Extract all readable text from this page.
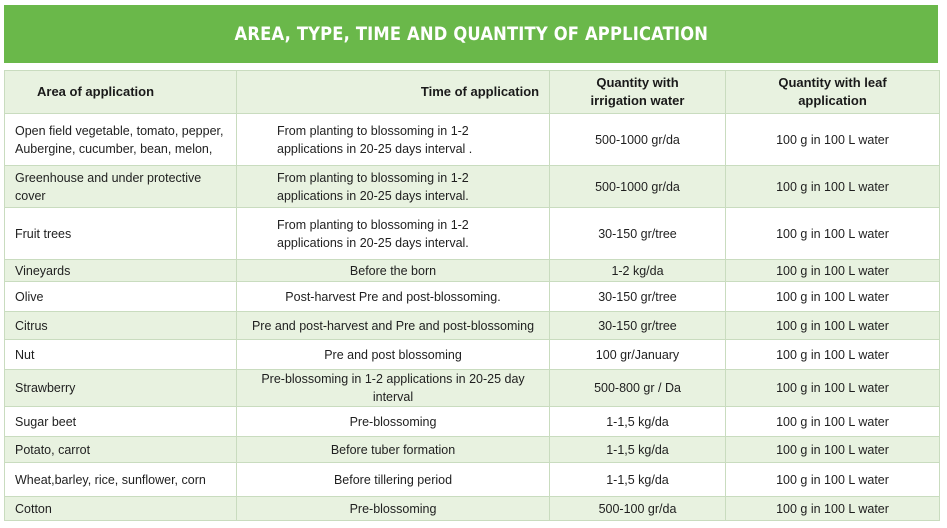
AREA, TYPE, TIME AND QUANTITY OF APPLICATION
Area of application	Time of application	Quantity with irrigation water	Quantity with leaf application
Open field vegetable, tomato, pepper, Aubergine, cucumber, bean, melon,	From planting to blossoming in 1-2 applications in 20-25 days interval .	500-1000 gr/da	100 g in 100 L water
Greenhouse and under protective cover	From planting to blossoming in 1-2 applications in 20-25 days interval.	500-1000 gr/da	100 g in 100 L water
Fruit trees	From planting to blossoming in 1-2 applications in 20-25 days interval.	30-150 gr/tree	100 g in 100 L water
Vineyards	Before the born	1-2 kg/da	100 g in 100 L water
Olive	Post-harvest Pre and post-blossoming.	30-150 gr/tree	100 g in 100 L water
Citrus	Pre and post-harvest and Pre and post-blossoming	30-150 gr/tree	100 g in 100 L water
Nut	Pre and post blossoming	100 gr/January	100 g in 100 L water
Strawberry	Pre-blossoming in 1-2 applications in 20-25 day interval	500-800 gr / Da	100 g in 100 L water
Sugar beet	Pre-blossoming	1-1,5 kg/da	100 g in 100 L water
Potato, carrot	Before tuber formation	1-1,5 kg/da	100 g in 100 L water
Wheat,barley, rice, sunflower, corn	Before tillering period	1-1,5 kg/da	100 g in 100 L water
Cotton	Pre-blossoming	500-100 gr/da	100 g in 100 L water
